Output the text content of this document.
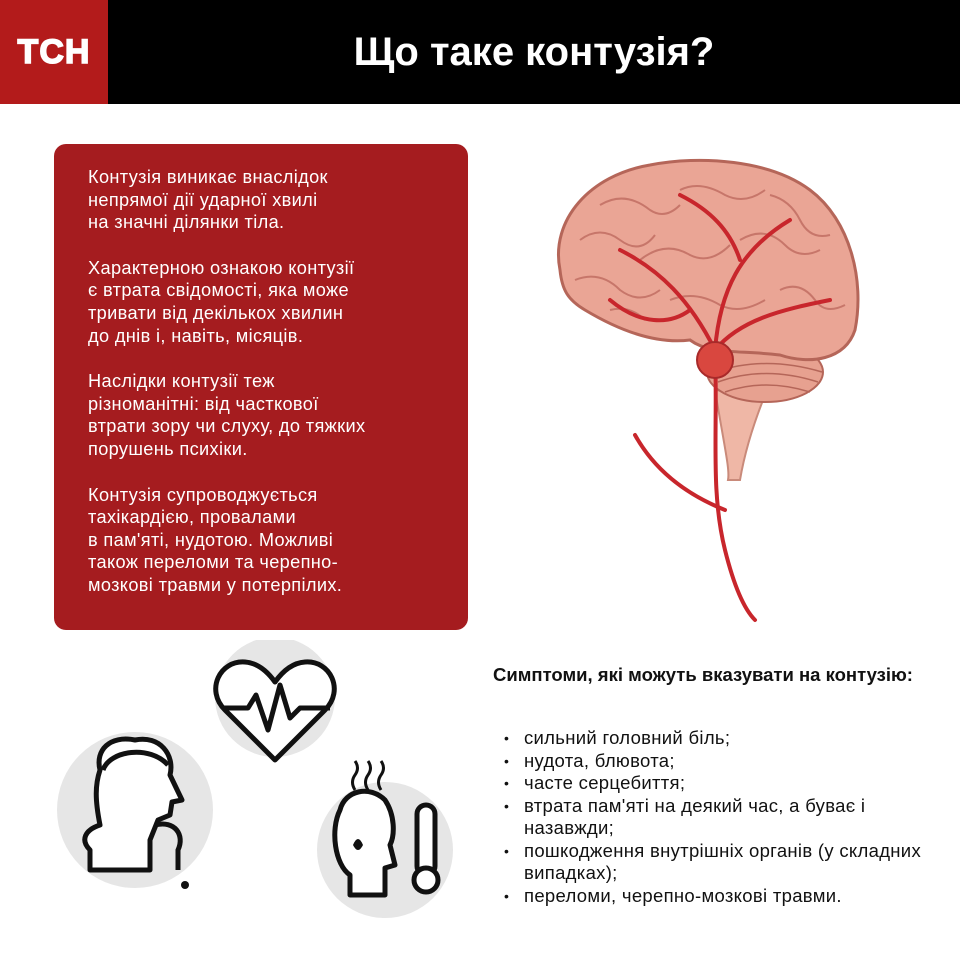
ТСН	Що таке контузія?

Контузія виникає внаслідок
непрямої дії ударної хвилі
на значні ділянки тіла.

Характерною ознакою контузії
є втрата свідомості, яка може
тривати від декількох хвилин
до днів і, навіть, місяців.

Наслідки контузії теж
різноманітні: від часткової
втрати зору чи слуху, до тяжких
порушень психіки.

Контузія супроводжується
тахікардією, провалами
в пам'яті, нудотою. Можливі
також переломи та черепно-
мозкові травми у потерпілих.

Симптоми, які можуть вказувати на контузію:
• сильний головний біль;
• нудота, блювота;
• часте серцебиття;
• втрата пам'яті на деякий час, а буває і назавжди;
• пошкодження внутрішніх органів (у складних випадках);
• переломи, черепно-мозкові травми.
